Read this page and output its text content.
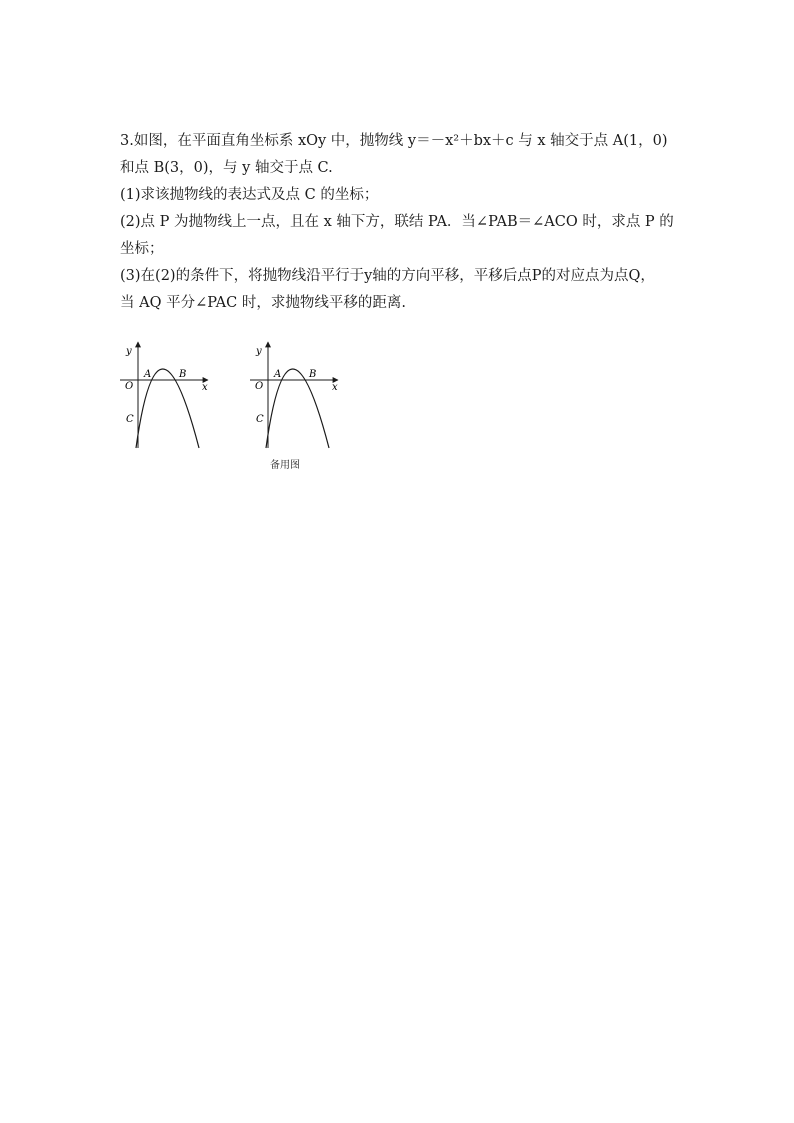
3.如图，在平面直角坐标系 xOy 中，抛物线 y＝－x²＋bx＋c 与 x 轴交于点 A(1，0)

和点 B(3，0)，与 y 轴交于点 C.

(1)求该抛物线的表达式及点 C 的坐标；

(2)点 P 为抛物线上一点，且在 x 轴下方，联结 PA．当∠PAB＝∠ACO 时，求点 P 的

坐标；

(3)在(2)的条件下，将抛物线沿平行于y轴的方向平移，平移后点P的对应点为点Q，

当 AQ 平分∠PAC 时，求抛物线平移的距离.

y
O
A	B
x
C
y
O
A	B
x
C
备用图
